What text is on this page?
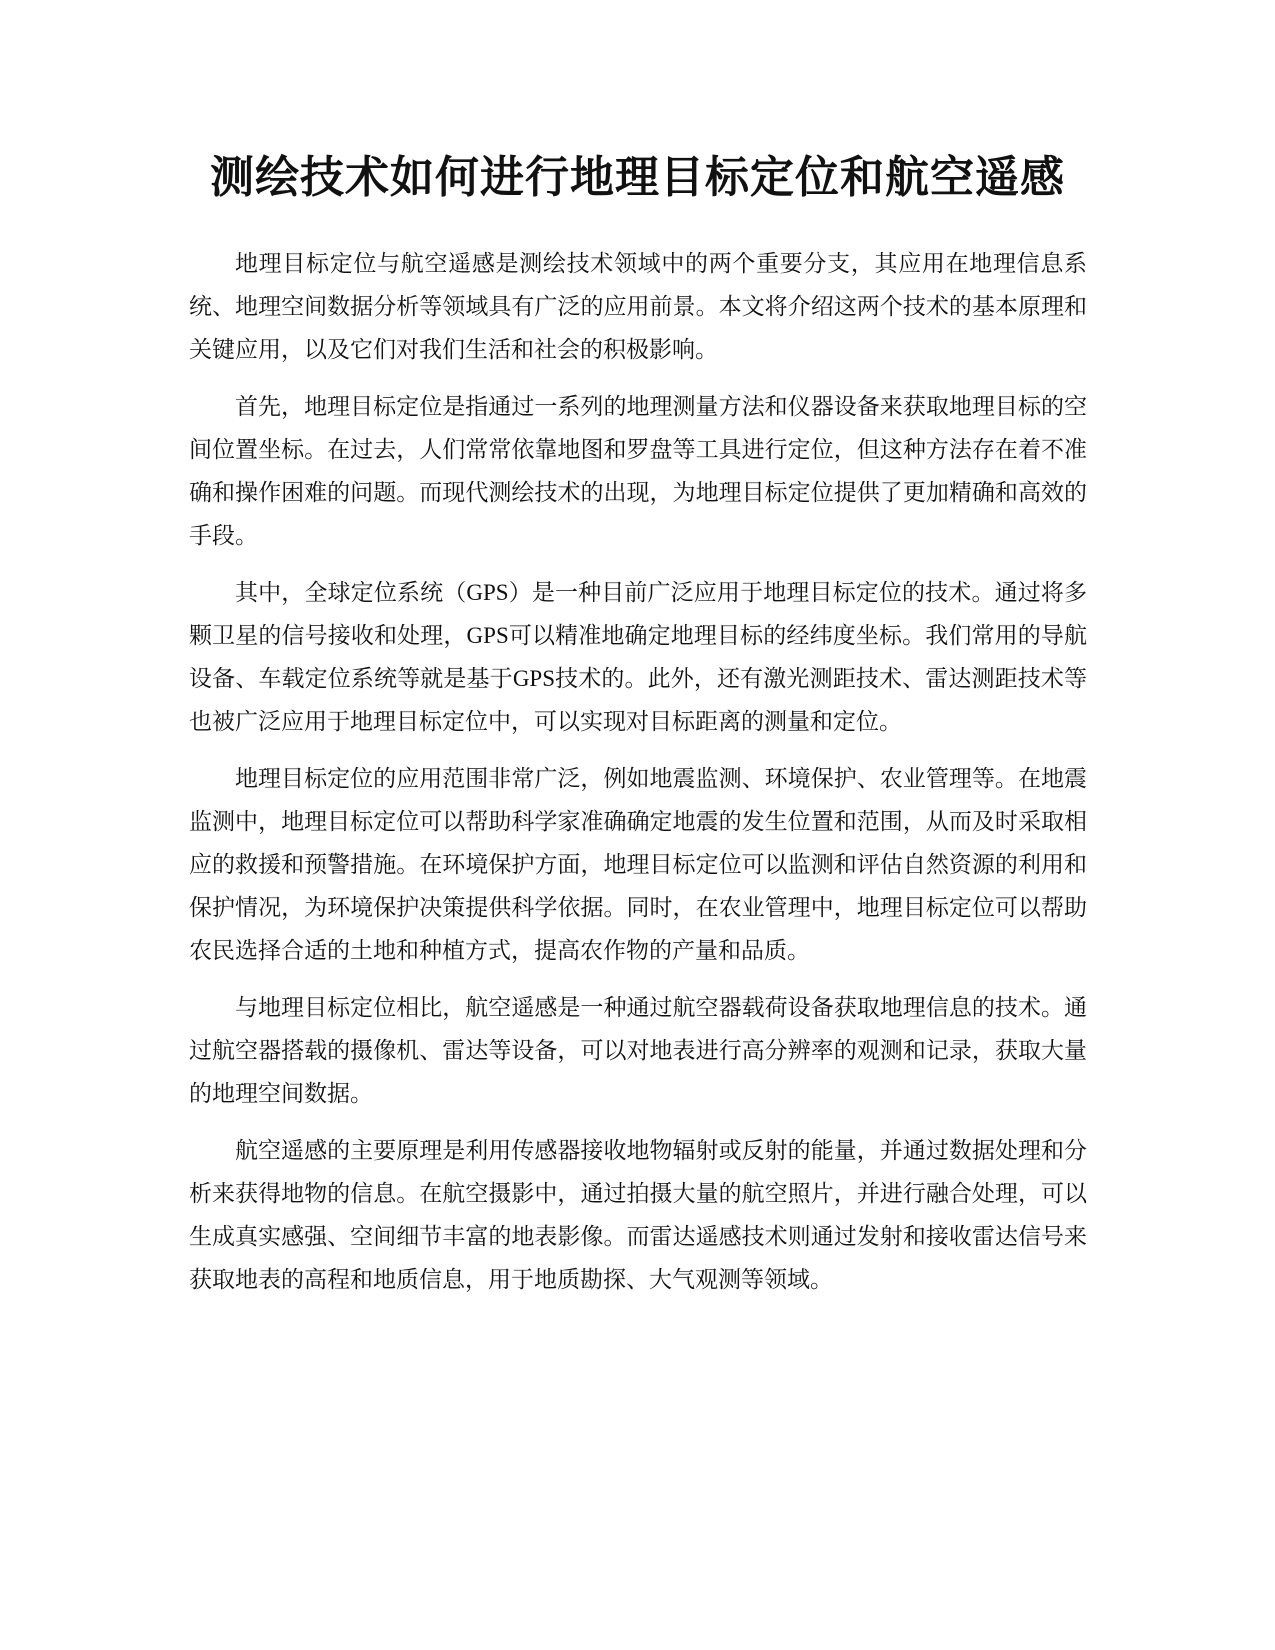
测绘技术如何进行地理目标定位和航空遥感

地理目标定位与航空遥感是测绘技术领域中的两个重要分支，其应用在地理信息系统、地理空间数据分析等领域具有广泛的应用前景。本文将介绍这两个技术的基本原理和关键应用，以及它们对我们生活和社会的积极影响。

首先，地理目标定位是指通过一系列的地理测量方法和仪器设备来获取地理目标的空间位置坐标。在过去，人们常常依靠地图和罗盘等工具进行定位，但这种方法存在着不准确和操作困难的问题。而现代测绘技术的出现，为地理目标定位提供了更加精确和高效的手段。

其中，全球定位系统（GPS）是一种目前广泛应用于地理目标定位的技术。通过将多颗卫星的信号接收和处理，GPS可以精准地确定地理目标的经纬度坐标。我们常用的导航设备、车载定位系统等就是基于GPS技术的。此外，还有激光测距技术、雷达测距技术等也被广泛应用于地理目标定位中，可以实现对目标距离的测量和定位。

地理目标定位的应用范围非常广泛，例如地震监测、环境保护、农业管理等。在地震监测中，地理目标定位可以帮助科学家准确确定地震的发生位置和范围，从而及时采取相应的救援和预警措施。在环境保护方面，地理目标定位可以监测和评估自然资源的利用和保护情况，为环境保护决策提供科学依据。同时，在农业管理中，地理目标定位可以帮助农民选择合适的土地和种植方式，提高农作物的产量和品质。

与地理目标定位相比，航空遥感是一种通过航空器载荷设备获取地理信息的技术。通过航空器搭载的摄像机、雷达等设备，可以对地表进行高分辨率的观测和记录，获取大量的地理空间数据。

航空遥感的主要原理是利用传感器接收地物辐射或反射的能量，并通过数据处理和分析来获得地物的信息。在航空摄影中，通过拍摄大量的航空照片，并进行融合处理，可以生成真实感强、空间细节丰富的地表影像。而雷达遥感技术则通过发射和接收雷达信号来获取地表的高程和地质信息，用于地质勘探、大气观测等领域。
